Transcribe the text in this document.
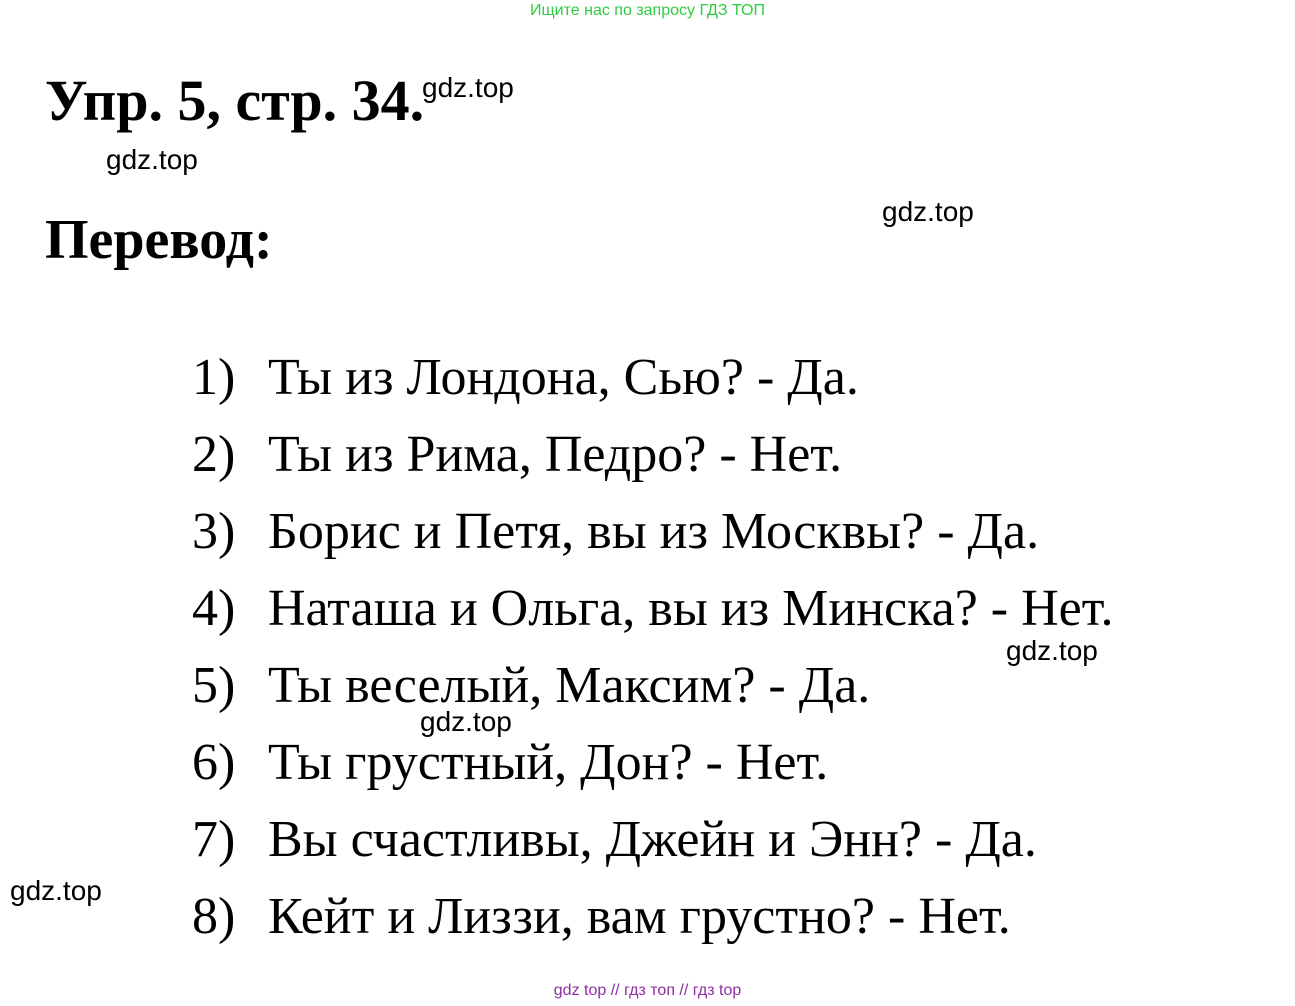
Ищите нас по запросу ГДЗ ТОП
Упр. 5, стр. 34.
Перевод:
gdz.top
gdz.top
gdz.top
gdz.top
gdz.top
gdz.top
1) Ты из Лондона, Сью? - Да.
2) Ты из Рима, Педро? - Нет.
3) Борис и Петя, вы из Москвы? - Да.
4) Наташа и Ольга, вы из Минска? - Нет.
5) Ты веселый, Максим? - Да.
6) Ты грустный, Дон? - Нет.
7) Вы счастливы, Джейн и Энн? - Да.
8) Кейт и Лиззи, вам грустно? - Нет.
gdz top // гдз топ // гдз top
